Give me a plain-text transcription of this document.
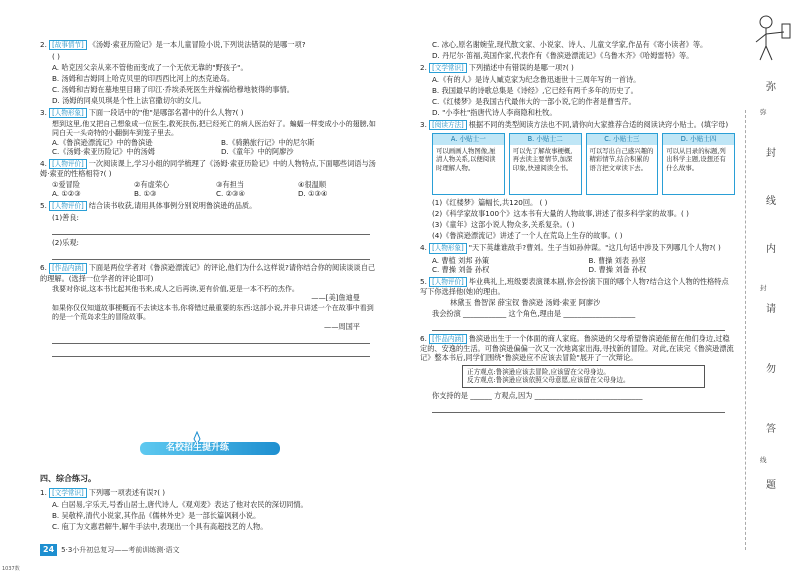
2. [故事情节] 《汤姆·索亚历险记》是一本儿童冒险小说,下列说法错误的是哪一项?
( )
A. 哈克因父亲从来不管他而变成了一个无依无靠的"野孩子"。
B. 汤姆和吉姆同上哈克贝里的印西西比河上的杰克逊岛。
C. 汤姆和吉姆在墓地里目睹了印江·乔埃杀死医生并嫁祸给穆地彼得的事情。
D. 汤姆的同桌贝琪是个性上法官撒切尔的女儿。
3. [人物形象] 下面一段话中的"他"是哪部名著中的什么人物?( )
想到这里,他又把自己想象成一位医生,救死扶伤,把已经死亡的病人医治好了。蝙蝠一样变成小小的翅膀,如同白天一头奇特的小翻倒车到笼子里去。
A.《鲁滨逊漂流记》中的鲁滨逊	B.《骑鹅旅行记》中的尼尔斯
C.《汤姆·索亚历险记》中的汤姆	D.《童年》中的阿廖沙
4. [人物评价] 一次阅读课上,学习小组的同学梳理了《汤姆·索亚历险记》中的人物特点,下面哪些词语与汤姆·索亚的性格相符?( )
①爱冒险	②有虚荣心	③有担当	④很温顺
A. ①②③	B. ①③	C. ②③④	D. ①③④
5. [人物评价] 结合读书收获,请用具体事例分别说明鲁滨逊的品质。
(1)善良:
(2)乐观:
6. [作品内涵] 下面是两位学者对《鲁滨逊漂流记》的评论,他们为什么这样说?请你结合你的阅读谈谈自己的理解。(选择一位学者的评论即可)
我要对你说,这本书比起其他书来,成人之后再读,更有价值,更是一本不朽的杰作。
——[美]詹迪曼
如果你仅仅知道故事梗概而不去读这本书,你将错过最重要的东西:这部小说,并非只讲述一个在故事中看到的是一个荒岛求生的冒险故事。
——周国平
名校招生提升练
四、综合练习。
1. [文学常识] 下列哪一项表述有误?( )
A. 白居易,字乐天,号香山居士,唐代诗人,《观刈麦》表达了他对农民的深切同情。
B. 吴敬梓,清代小说家,其作品《儒林外史》是一部长篇讽刺小说。
C. 庖丁为文惠君解牛,解牛手法中,表现出一个具有高超技艺的人物。
24 5·3小升初总复习——考前训练测·语文
1037数
C. 冰心,原名谢婉莹,现代散文家、小说家、诗人、儿童文学家,作品有《寄小读者》等。
D. 丹尼尔·笛福,英国作家,代表作有《鲁滨逊漂流记》《乌鲁木齐》《哈姆雷特》等。
2. [文学常识] 下列描述中有错误的是哪一项?( )
A.《有的人》是诗人臧克家为纪念鲁迅逝世十三周年写的一首诗。
B. 我国最早的诗歌总集是《诗经》,它已经有两千多年的历史了。
C.《红楼梦》是我国古代最伟大的一部小说,它的作者是曹雪芹。
D. "小李杜"指唐代诗人李商隐和杜牧。
3. [阅读方法] 根据不同的类型阅读方法也不同,请你向大家推荐合适的阅读诀窍小贴士。(填字母)
A. 小贴士一
可以画画人物图像,厘清人物关系,以便阅读时理解人物。
B. 小贴士二
可以先了解故事梗概,再去读主要情节,加深印象,快速阅读全书。
C. 小贴士三
可以写出自己感兴趣的精彩情节,结合积累的语言把文章读下去。
D. 小贴士四
可以从目录的标题,列出科学主题,设想还有什么故事。
(1)《红楼梦》篇幅长,共120回。 ( )
(2)《科学家故事100个》这本书有大量的人物故事,讲述了很多科学家的故事。( )
(3)《童年》这部小说人物众多,关系复杂。( )
(4)《鲁滨逊漂流记》讲述了一个人在荒岛上生存的故事。( )
4. [人物形象] "天下英雄谁敌手?曹刘。生子当如孙仲谋。"这几句话中涉及下列哪几个人物?( )
A. 曹植 刘邦 孙策	B. 曹操 刘表 孙坚
C. 曹操 刘备 孙权	D. 曹操 刘备 孙权
5. [人物评价] 毕业典礼上,班级要表演课本剧,你会扮演下面的哪个人物?结合这个人物的性格特点写下你选择他(她)的理由。
林黛玉 鲁智深 薛宝钗 鲁滨逊 汤姆·索亚 阿廖沙
我会扮演 ____________ 这个角色,理由是 ____________________
6. [作品内涵] 鲁滨逊出生于一个体面的商人家庭。鲁滨逊的父母希望鲁滨逊能留在他们身边,过稳定的、安逸的生活。可鲁滨逊偏偏一次又一次地离家出海,寻找新的冒险。对此,在读完《鲁滨逊漂流记》整本书后,同学们围绕"鲁滨逊应不应该去冒险"展开了一次辩论。
正方观点:鲁滨逊应该去冒险,应该留在父母身边。
反方观点:鲁滨逊应该依照父母意愿,应该留在父母身边。
你支持的是 ______ 方观点,因为 ______________________________
弥
封
线
内
请
勿
答
题
弥
封
线
